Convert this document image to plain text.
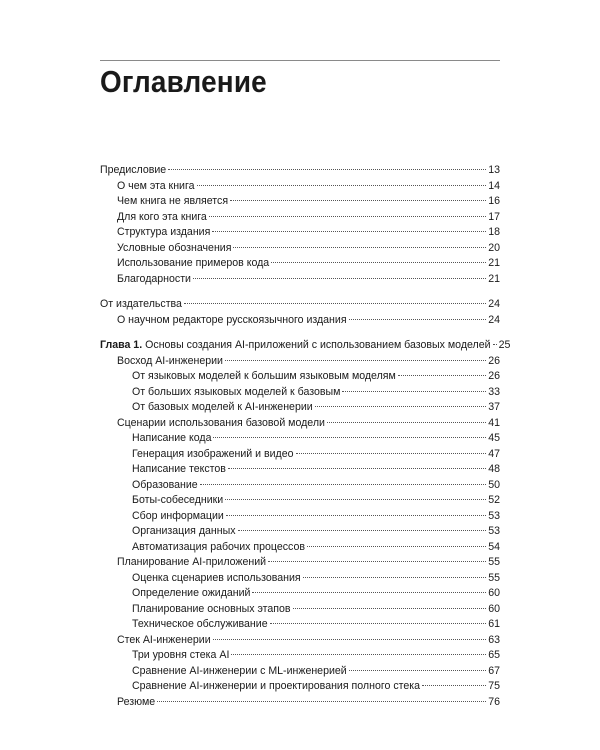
Оглавление
Предисловие	13
О чем эта книга	14
Чем книга не является	16
Для кого эта книга	17
Структура издания	18
Условные обозначения	20
Использование примеров кода	21
Благодарности	21
От издательства	24
О научном редакторе русскоязычного издания	24
Глава 1. Основы создания AI-приложений с использованием базовых моделей 25
Восход AI-инженерии	26
От языковых моделей к большим языковым моделям	26
От больших языковых моделей к базовым	33
От базовых моделей к AI-инженерии	37
Сценарии использования базовой модели	41
Написание кода	45
Генерация изображений и видео	47
Написание текстов	48
Образование	50
Боты-собеседники	52
Сбор информации	53
Организация данных	53
Автоматизация рабочих процессов	54
Планирование AI-приложений	55
Оценка сценариев использования	55
Определение ожиданий	60
Планирование основных этапов	60
Техническое обслуживание	61
Стек AI-инженерии	63
Три уровня стека AI	65
Сравнение AI-инженерии с ML-инженерией	67
Сравнение AI-инженерии и проектирования полного стека	75
Резюме	76
